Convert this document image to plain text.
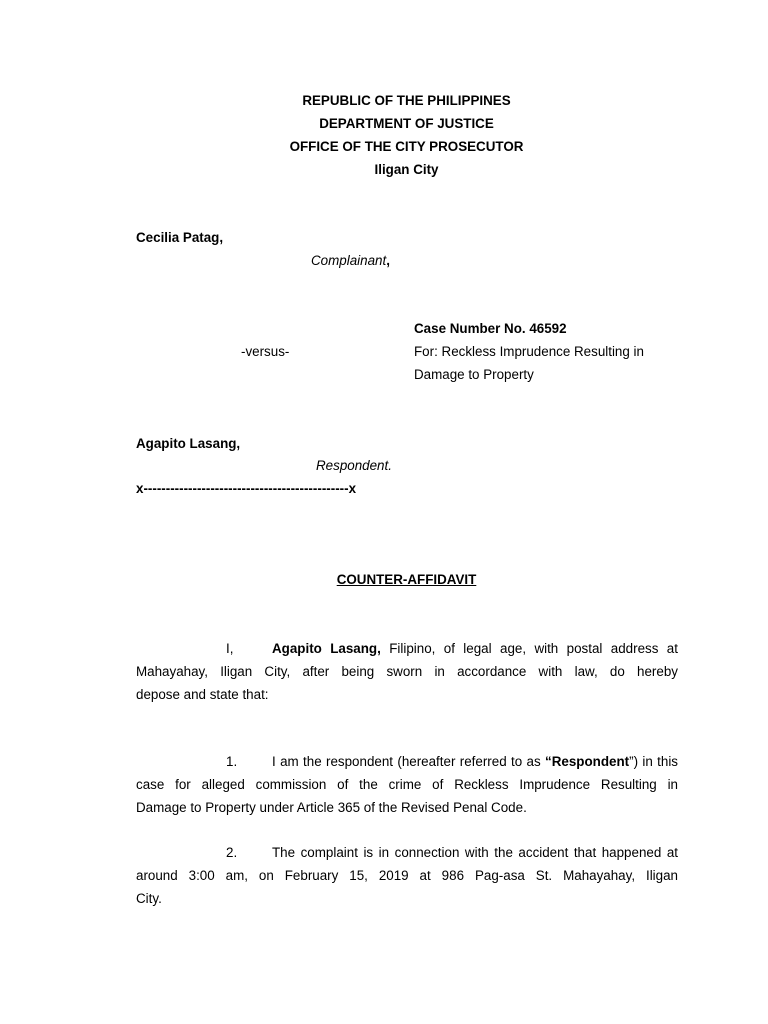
REPUBLIC OF THE PHILIPPINES
DEPARTMENT OF JUSTICE
OFFICE OF THE CITY PROSECUTOR
Iligan City
Cecilia Patag,
Complainant,
Case Number No. 46592
-versus-	For: Reckless Imprudence Resulting in
Damage to Property
Agapito Lasang,
Respondent.
x----------------------------------------------x
COUNTER-AFFIDAVIT
I,	Agapito Lasang, Filipino, of legal age, with postal address at
Mahayahay, Iligan City, after being sworn in accordance with law, do hereby
depose and state that:
1.	I am the respondent (hereafter referred to as “Respondent”) in this
case for alleged commission of the crime of Reckless Imprudence Resulting in
Damage to Property under Article 365 of the Revised Penal Code.
2.	The complaint is in connection with the accident that happened at
around 3:00 am, on February 15, 2019 at 986 Pag-asa St. Mahayahay, Iligan
City.
